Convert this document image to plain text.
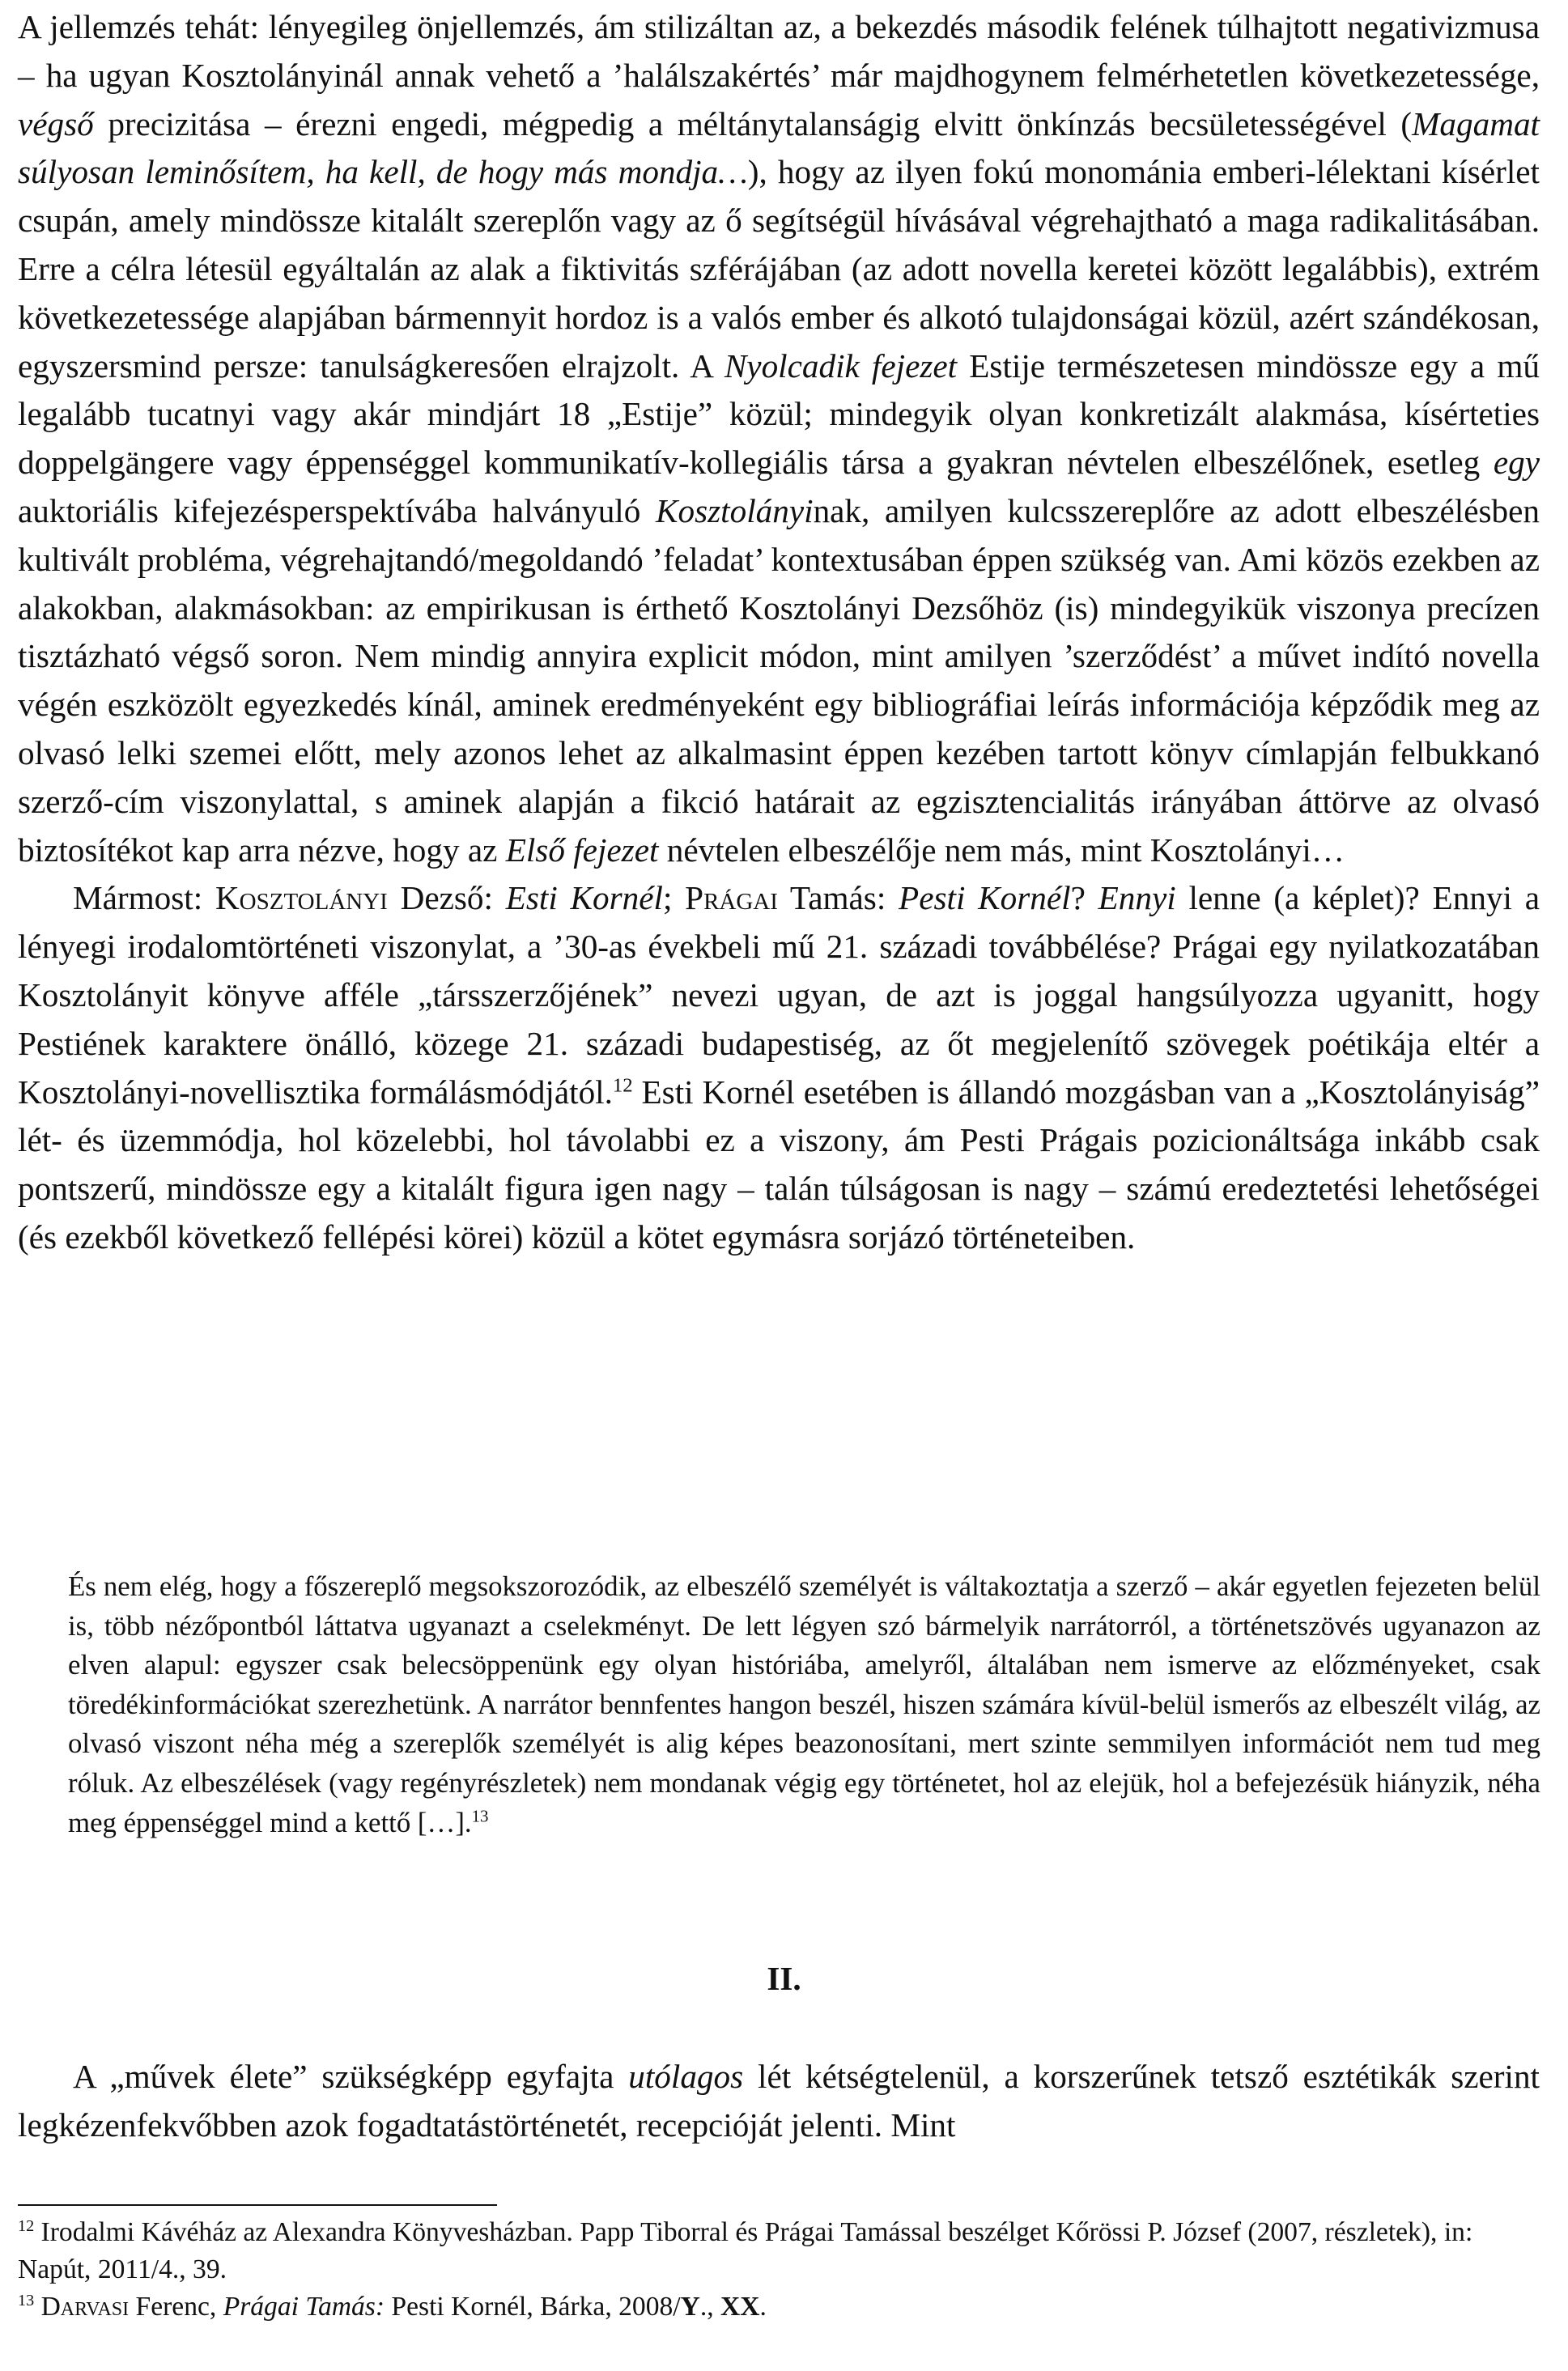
A jellemzés tehát: lényegileg önjellemzés, ám stilizáltan az, a bekezdés második felének túlhajtott negativizmusa – ha ugyan Kosztolányinál annak vehető a ’halálszakértés’ már majdhogynem felmérhetetlen következetessége, végső precizitása – érezni engedi, mégpedig a méltánytalanságig elvitt önkínzás becsületességével (Magamat súlyosan leminősítem, ha kell, de hogy más mondja…), hogy az ilyen fokú monománia emberi-lélektani kísérlet csupán, amely mindössze kitalált szereplőn vagy az ő segítségül hívásával végrehajtható a maga radikalitásában. Erre a célra létesül egyáltalán az alak a fiktivitás szférájában (az adott novella keretei között legalábbis), extrém következetessége alapjában bármennyit hordoz is a valós ember és alkotó tulajdonságai közül, azért szándékosan, egyszersmind persze: tanulságkeresően elrajzolt. A Nyolcadik fejezet Estije természetesen mindössze egy a mű legalább tucatnyi vagy akár mindjárt 18 „Estije” közül; mindegyik olyan konkretizált alakmása, kísérteties doppelgängere vagy éppenséggel kommunikatív-kollegiális társa a gyakran névtelen elbeszélőnek, esetleg egy auktoriális kifejezésperspektívába halványuló Kosztolányinak, amilyen kulcsszereplőre az adott elbeszélésben kultivált probléma, végrehajtandó/megoldandó ’feladat’ kontextusában éppen szükség van. Ami közös ezekben az alakokban, alakmásokban: az empirikusan is érthető Kosztolányi Dezsőhöz (is) mindegyikük viszonya precízen tisztázható végső soron. Nem mindig annyira explicit módon, mint amilyen ’szerződést’ a művet indító novella végén eszközölt egyezkedés kínál, aminek eredményeként egy bibliográfiai leírás információja képződik meg az olvasó lelki szemei előtt, mely azonos lehet az alkalmasint éppen kezében tartott könyv címlapján felbukkanó szerző-cím viszonylattal, s aminek alapján a fikció határait az egzisztencialitás irányában áttörve az olvasó biztosítékot kap arra nézve, hogy az Első fejezet névtelen elbeszélője nem más, mint Kosztolányi…

Mármost: Kosztolányi Dezső: Esti Kornél; Prágai Tamás: Pesti Kornél? Ennyi lenne (a képlet)? Ennyi a lényegi irodalomtörténeti viszonylat, a ’30-as évekbeli mű 21. századi továbbélése? Prágai egy nyilatkozatában Kosztolányit könyve afféle „társszerzőjének” nevezi ugyan, de azt is joggal hangsúlyozza ugyanitt, hogy Pestiének karaktere önálló, közege 21. századi budapestiség, az őt megjelenítő szövegek poétikája eltér a Kosztolányi-novellisztika formálásmódjától.$^{12}$ Esti Kornél esetében is állandó mozgásban van a „Kosztolányiság” lét- és üzemmódja, hol közelebbi, hol távolabbi ez a viszony, ám Pesti Prágais pozicionáltsága inkább csak pontszerű, mindössze egy a kitalált figura igen nagy – talán túlságosan is nagy – számú eredeztetési lehetőségei (és ezekből következő fellépési körei) közül a kötet egymásra sorjázó történeteiben.

És nem elég, hogy a főszereplő megsokszorozódik, az elbeszélő személyét is váltakoztatja a szerző – akár egyetlen fejezeten belül is, több nézőpontból láttatva ugyanazt a cselekményt. De lett légyen szó bármelyik narrátorról, a történetszövés ugyanazon az elven alapul: egyszer csak belecsöppenünk egy olyan históriába, amelyről, általában nem ismerve az előzményeket, csak töredékinformációkat szerezhetünk. A narrátor bennfentes hangon beszél, hiszen számára kívül-belül ismerős az elbeszélt világ, az olvasó viszont néha még a szereplők személyét is alig képes beazonosítani, mert szinte semmilyen információt nem tud meg róluk. Az elbeszélések (vagy regényrészletek) nem mondanak végig egy történetet, hol az elejük, hol a befejezésük hiányzik, néha meg éppenséggel mind a kettő […].$^{13}$

II.

A „művek élete” szükségképp egyfajta utólagos lét kétségtelenül, a korszerűnek tetsző esztétikák szerint legkézenfekvőbben azok fogadtatástörténetét, recepcióját jelenti. Mint

$^{12}$ Irodalmi Kávéház az Alexandra Könyvesházban. Papp Tiborral és Prágai Tamással beszélget Kőrössi P. József (2007, részletek), in: Napút, 2011/4., 39.

$^{13}$ Darvasi Ferenc, Prágai Tamás: Pesti Kornél, Bárka, 2008/Y., XX.
